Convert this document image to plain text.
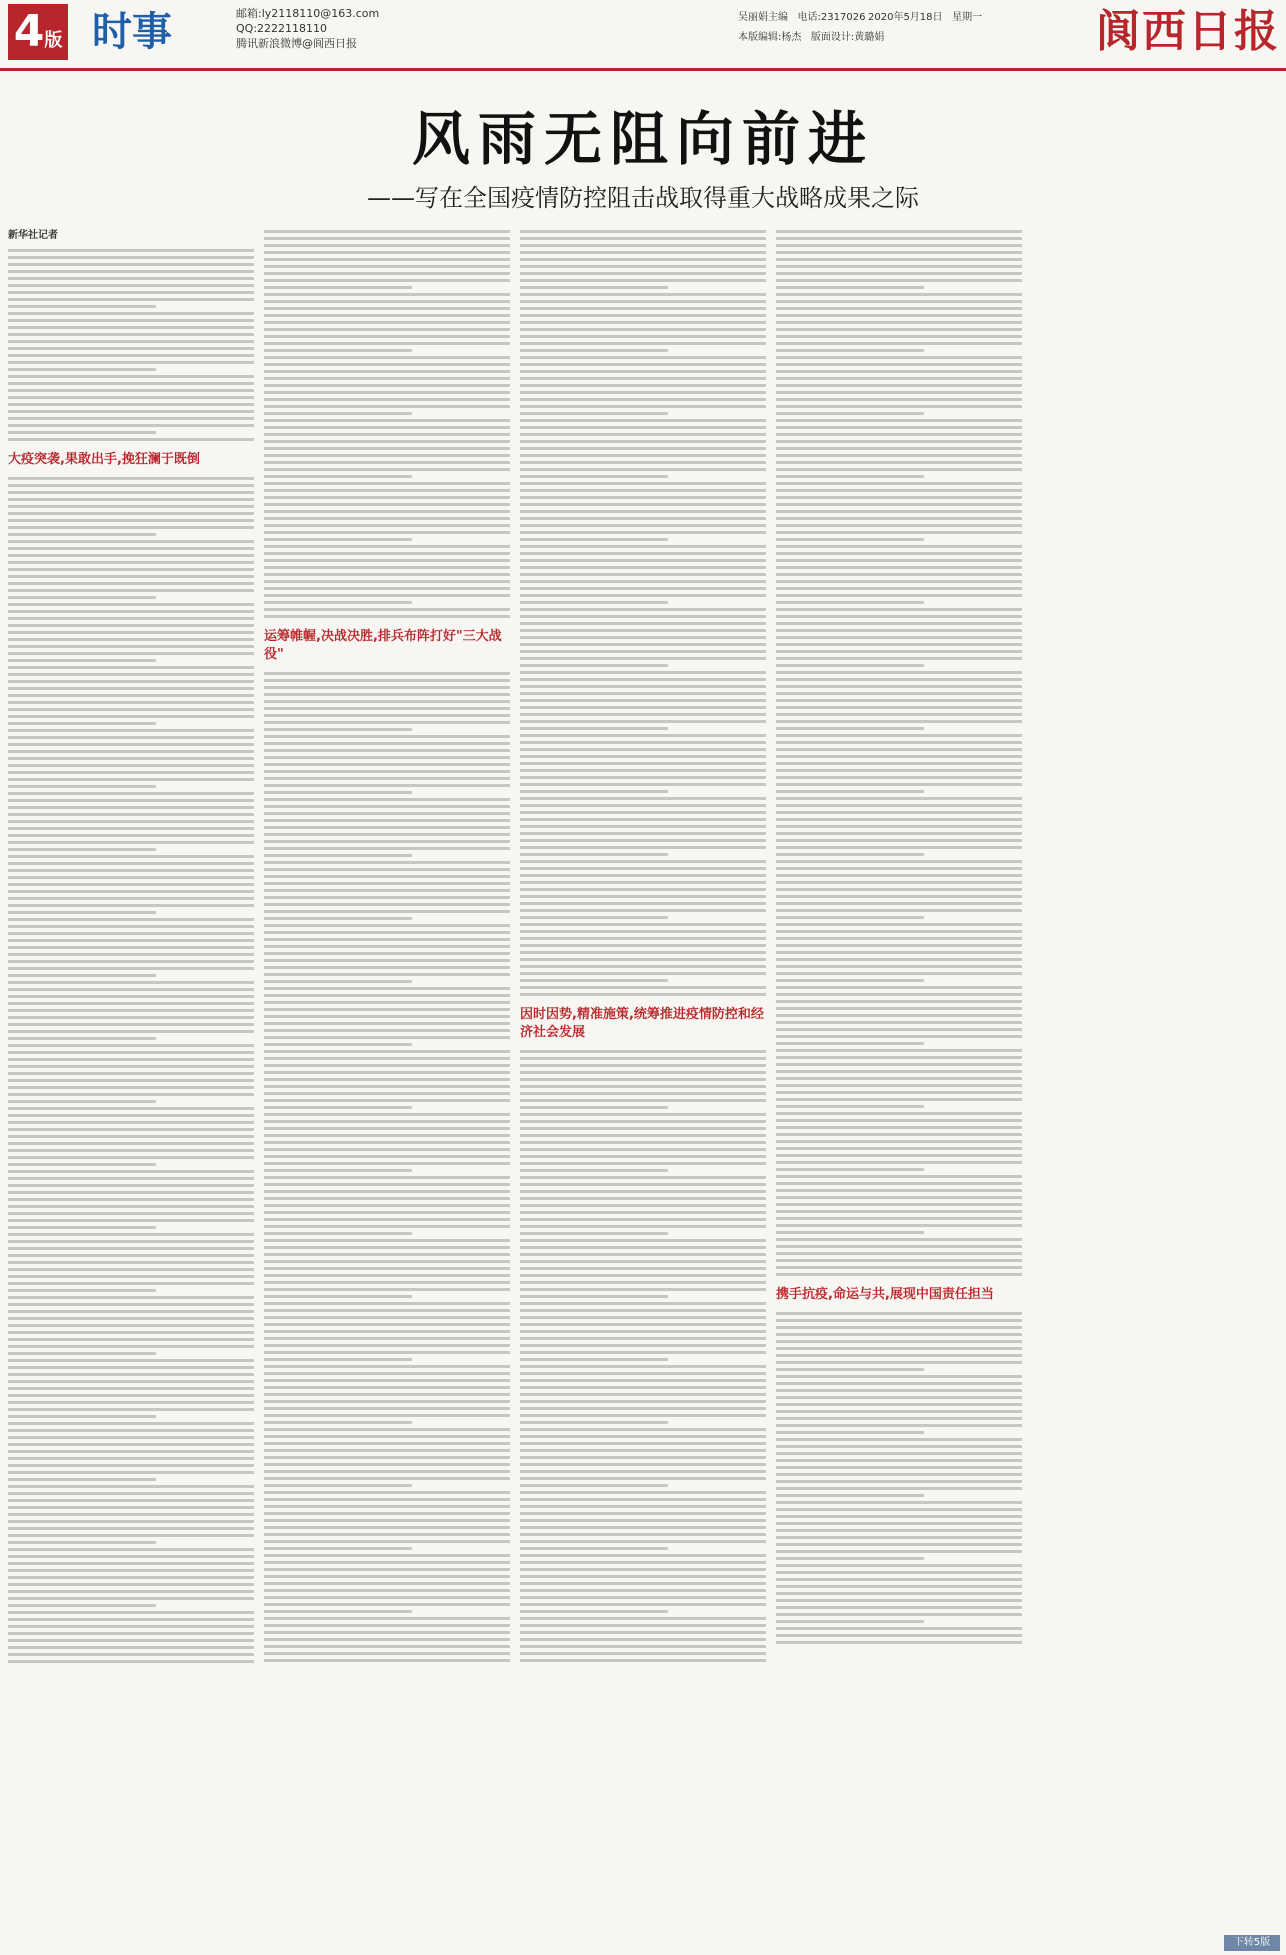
4版 时事	邮箱:ly2118110@163.com
QQ:2222118110
腾讯新浪微博@阆西日报
吴丽娟主编 电话:2317026 2020年5月18日 星期一
本版编辑:杨杰 版面设计:黄璐娟	阆西日报
风雨无阻向前进
——写在全国疫情防控阻击战取得重大战略成果之际
新华社记者
大疫突袭,果敢出手,挽狂澜于既倒
运筹帷幄,决战决胜,排兵布阵打好"三大战役"
因时因势,精准施策,统筹推进疫情防控和经济社会发展
携手抗疫,命运与共,展现中国责任担当
下转5版
